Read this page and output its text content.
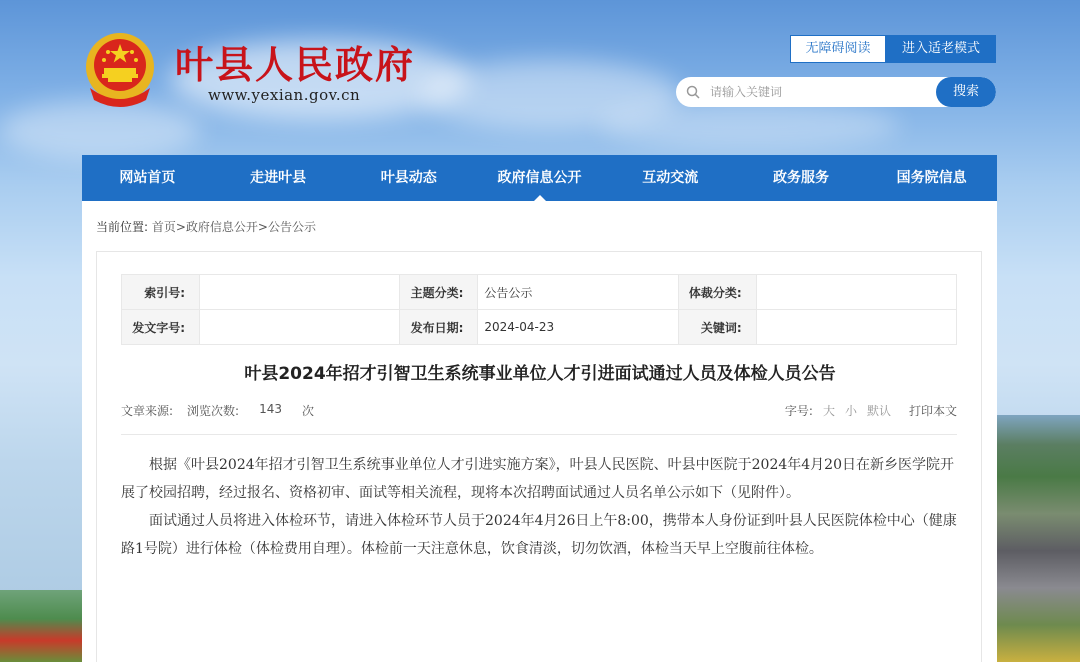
叶县人民政府
www.yexian.gov.cn
无障碍阅读	进入适老模式
请输入关键词
搜索
网站首页	走进叶县	叶县动态	政府信息公开	互动交流	政务服务	国务院信息
当前位置: 首页>政府信息公开>公告公示
索引号:		主题分类:	公告公示	体裁分类:	
发文字号:		发布日期:	2024-04-23	关键词:	
叶县2024年招才引智卫生系统事业单位人才引进面试通过人员及体检人员公告
文章来源: 浏览次数: 143 次	字号: 大 小 默认 打印本文

根据《叶县2024年招才引智卫生系统事业单位人才引进实施方案》，叶县人民医院、叶县中医院于2024年4月20日在新乡医学院开展了校园招聘，经过报名、资格初审、面试等相关流程，现将本次招聘面试通过人员名单公示如下（见附件）。

面试通过人员将进入体检环节，请进入体检环节人员于2024年4月26日上午8:00，携带本人身份证到叶县人民医院体检中心（健康路1号院）进行体检（体检费用自理）。体检前一天注意休息，饮食清淡，切勿饮酒，体检当天早上空腹前往体检。
